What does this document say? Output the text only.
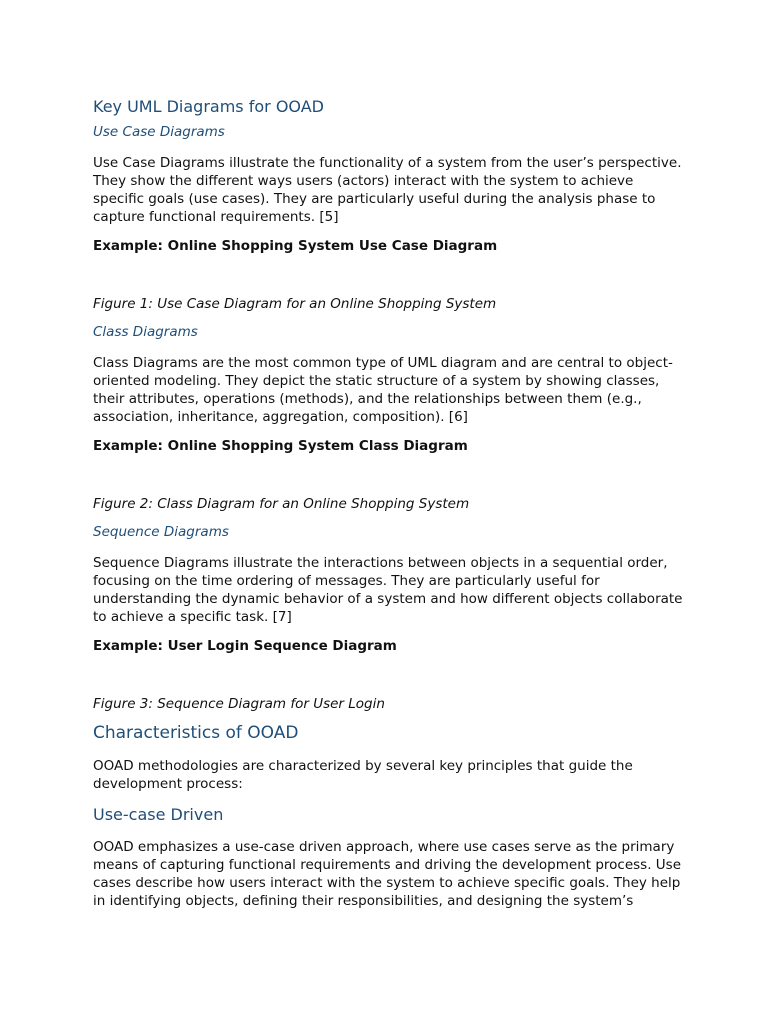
Key UML Diagrams for OOAD
Use Case Diagrams

Use Case Diagrams illustrate the functionality of a system from the user’s perspective. They show the different ways users (actors) interact with the system to achieve specific goals (use cases). They are particularly useful during the analysis phase to capture functional requirements. [5]

Example: Online Shopping System Use Case Diagram

Figure 1: Use Case Diagram for an Online Shopping System

Class Diagrams

Class Diagrams are the most common type of UML diagram and are central to object-oriented modeling. They depict the static structure of a system by showing classes, their attributes, operations (methods), and the relationships between them (e.g., association, inheritance, aggregation, composition). [6]

Example: Online Shopping System Class Diagram

Figure 2: Class Diagram for an Online Shopping System

Sequence Diagrams

Sequence Diagrams illustrate the interactions between objects in a sequential order, focusing on the time ordering of messages. They are particularly useful for understanding the dynamic behavior of a system and how different objects collaborate to achieve a specific task. [7]

Example: User Login Sequence Diagram

Figure 3: Sequence Diagram for User Login

Characteristics of OOAD

OOAD methodologies are characterized by several key principles that guide the development process:

Use-case Driven

OOAD emphasizes a use-case driven approach, where use cases serve as the primary means of capturing functional requirements and driving the development process. Use cases describe how users interact with the system to achieve specific goals. They help in identifying objects, defining their responsibilities, and designing the system’s
